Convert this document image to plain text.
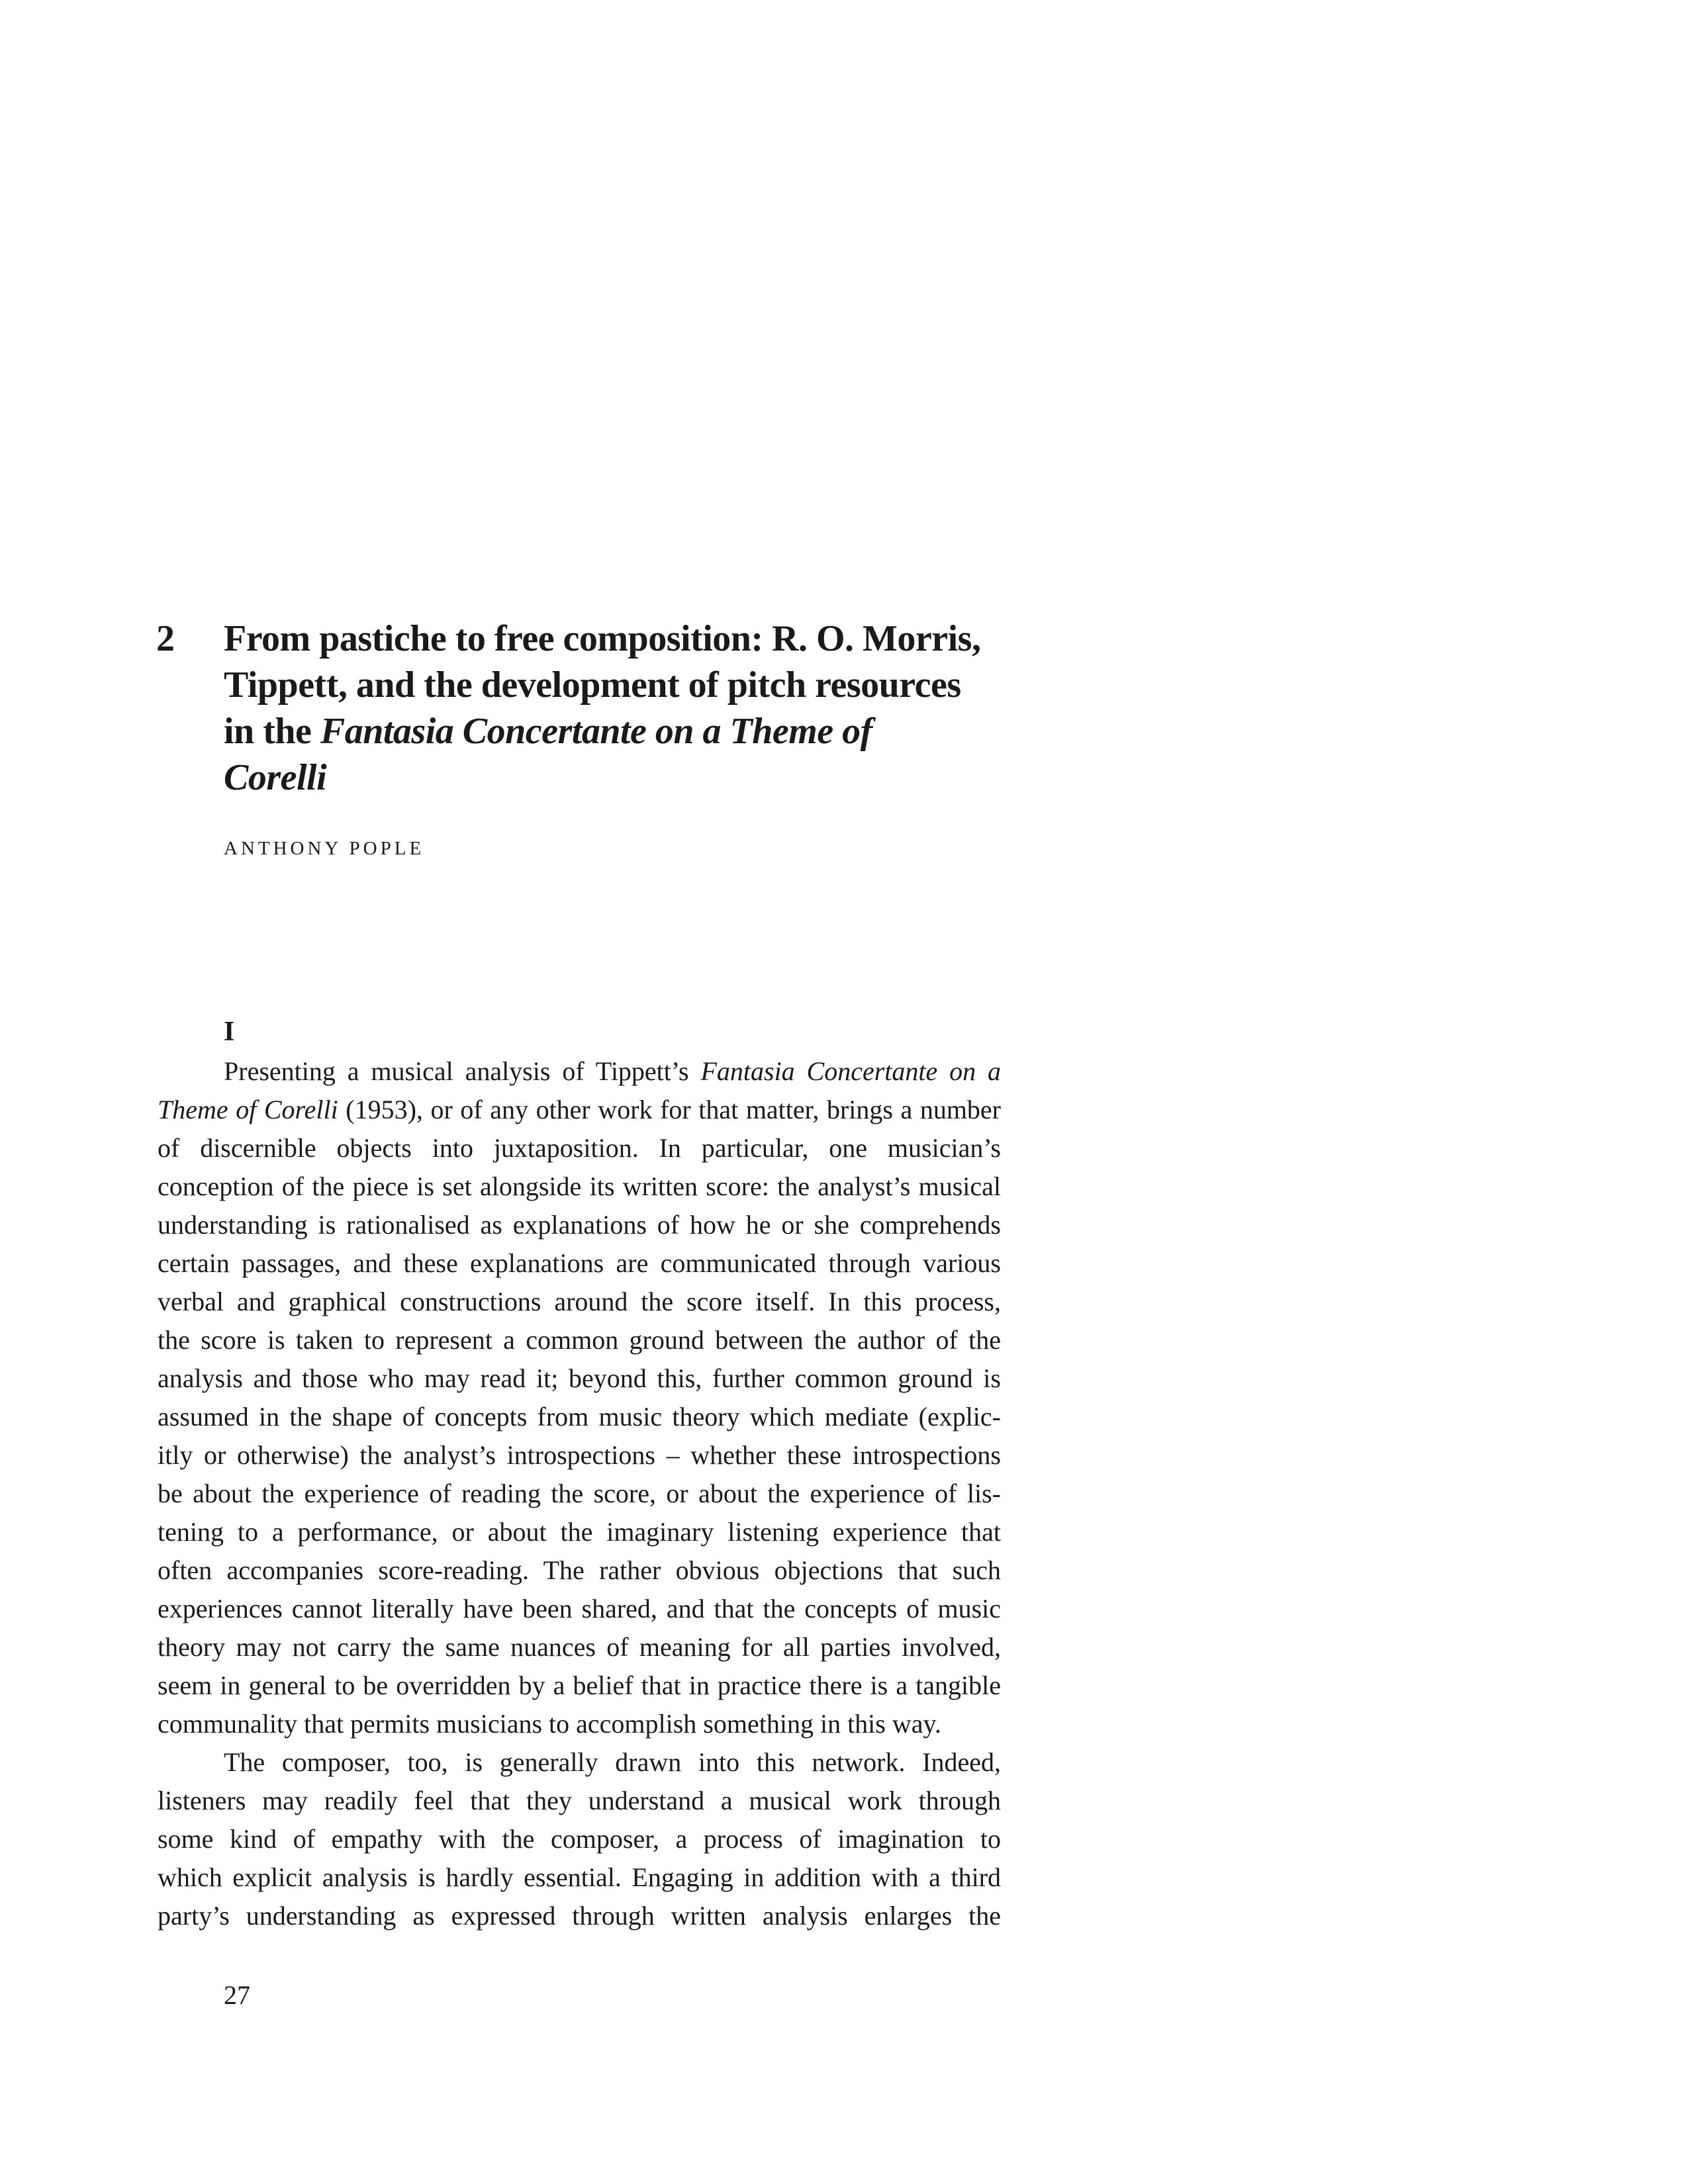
2 From pastiche to free composition: R. O. Morris,
Tippett, and the development of pitch resources
in the Fantasia Concertante on a Theme of
Corelli
ANTHONY POPLE
I
Presenting a musical analysis of Tippett’s Fantasia Concertante on a
Theme of Corelli (1953), or of any other work for that matter, brings a number
of discernible objects into juxtaposition. In particular, one musician’s
conception of the piece is set alongside its written score: the analyst’s musical
understanding is rationalised as explanations of how he or she comprehends
certain passages, and these explanations are communicated through various
verbal and graphical constructions around the score itself. In this process,
the score is taken to represent a common ground between the author of the
analysis and those who may read it; beyond this, further common ground is
assumed in the shape of concepts from music theory which mediate (explic-
itly or otherwise) the analyst’s introspections – whether these introspections
be about the experience of reading the score, or about the experience of lis-
tening to a performance, or about the imaginary listening experience that
often accompanies score-reading. The rather obvious objections that such
experiences cannot literally have been shared, and that the concepts of music
theory may not carry the same nuances of meaning for all parties involved,
seem in general to be overridden by a belief that in practice there is a tangible
communality that permits musicians to accomplish something in this way.
The composer, too, is generally drawn into this network. Indeed,
listeners may readily feel that they understand a musical work through
some kind of empathy with the composer, a process of imagination to
which explicit analysis is hardly essential. Engaging in addition with a third
party’s understanding as expressed through written analysis enlarges the
27
